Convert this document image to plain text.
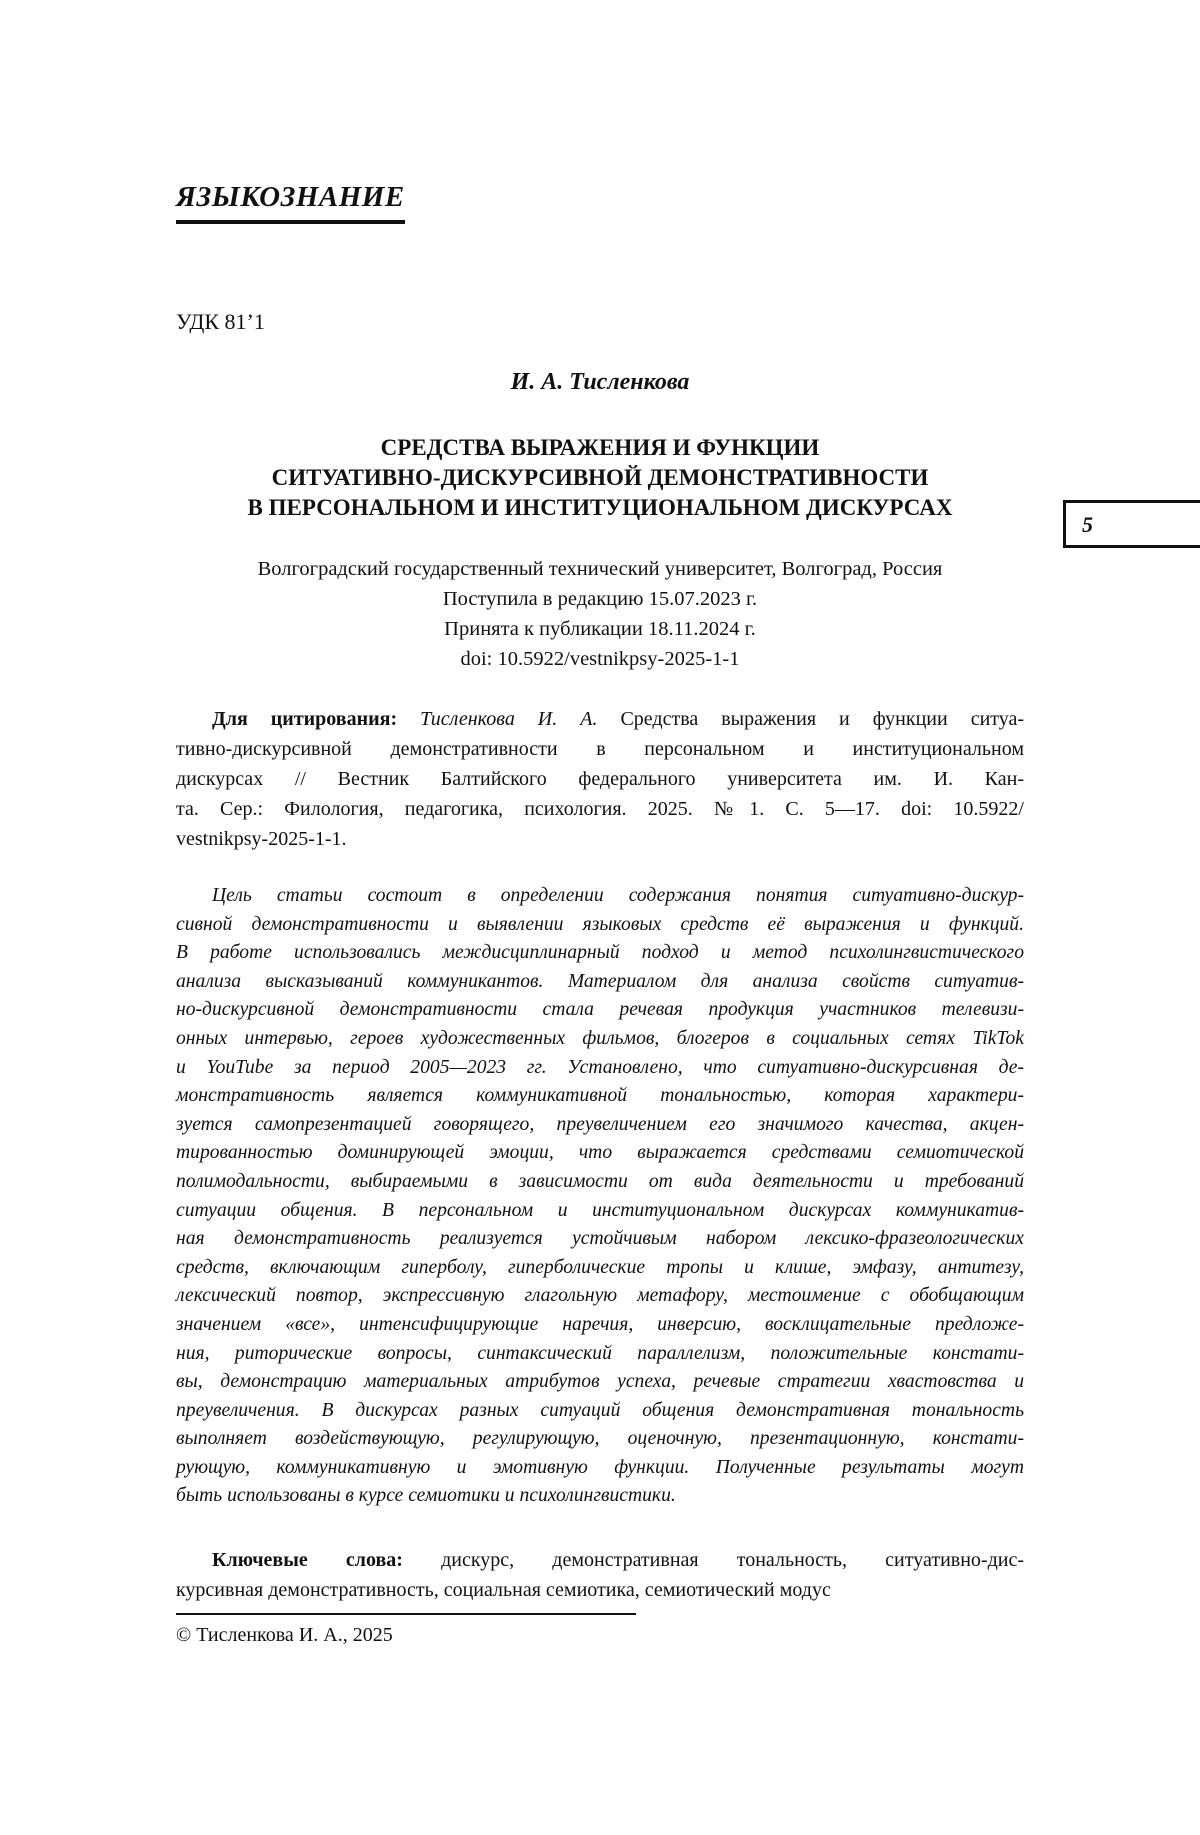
ЯЗЫКОЗНАНИЕ
УДК 81’1
И. А. Тисленкова
СРЕДСТВА ВЫРАЖЕНИЯ И ФУНКЦИИ
СИТУАТИВНО-ДИСКУРСИВНОЙ ДЕМОНСТРАТИВНОСТИ
В ПЕРСОНАЛЬНОМ И ИНСТИТУЦИОНАЛЬНОМ ДИСКУРСАХ
5
Волгоградский государственный технический университет, Волгоград, Россия
Поступила в редакцию 15.07.2023 г.
Принята к публикации 18.11.2024 г.
doi: 10.5922/vestnikpsy-2025-1-1
Для цитирования: Тисленкова И. А. Средства выражения и функции ситуа-
тивно-дискурсивной демонстративности в персональном и институциональном
дискурсах // Вестник Балтийского федерального университета им. И. Кан-
та. Сер.: Филология, педагогика, психология. 2025. №1. С. 5—17. doi: 10.5922/
vestnikpsy-2025-1-1.
Цель статьи состоит в определении содержания понятия ситуативно-дискур-
сивной демонстративности и выявлении языковых средств её выражения и функций.
В работе использовались междисциплинарный подход и метод психолингвистического
анализа высказываний коммуникантов. Материалом для анализа свойств ситуатив-
но-дискурсивной демонстративности стала речевая продукция участников телевизи-
онных интервью, героев художественных фильмов, блогеров в социальных сетях TikTok
и YouTube за период 2005—2023 гг. Установлено, что ситуативно-дискурсивная де-
монстративность является коммуникативной тональностью, которая характери-
зуется самопрезентацией говорящего, преувеличением его значимого качества, акцен-
тированностью доминирующей эмоции, что выражается средствами семиотической
полимодальности, выбираемыми в зависимости от вида деятельности и требований
ситуации общения. В персональном и институциональном дискурсах коммуникатив-
ная демонстративность реализуется устойчивым набором лексико-фразеологических
средств, включающим гиперболу, гиперболические тропы и клише, эмфазу, антитезу,
лексический повтор, экспрессивную глагольную метафору, местоимение с обобщающим
значением «все», интенсифицирующие наречия, инверсию, восклицательные предложе-
ния, риторические вопросы, синтаксический параллелизм, положительные констати-
вы, демонстрацию материальных атрибутов успеха, речевые стратегии хвастовства и
преувеличения. В дискурсах разных ситуаций общения демонстративная тональность
выполняет воздействующую, регулирующую, оценочную, презентационную, констати-
рующую, коммуникативную и эмотивную функции. Полученные результаты могут
быть использованы в курсе семиотики и психолингвистики.
Ключевые слова: дискурс, демонстративная тональность, ситуативно-дис-
курсивная демонстративность, социальная семиотика, семиотический модус
© Тисленкова И. А., 2025
